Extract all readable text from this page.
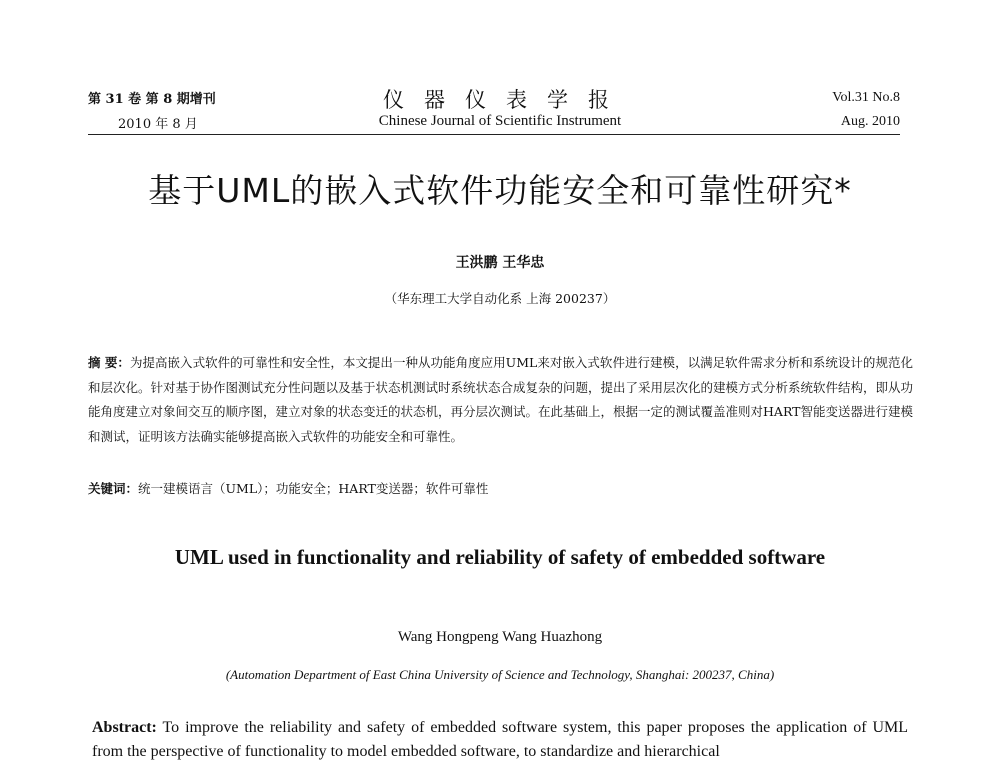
第 31 卷 第 8 期增刊
2010 年 8 月
仪器仪表学报
Chinese Journal of Scientific Instrument
Vol.31 No.8
Aug. 2010
基于UML的嵌入式软件功能安全和可靠性研究*
王洪鹏 王华忠
（华东理工大学自动化系 上海 200237）
摘 要：为提高嵌入式软件的可靠性和安全性，本文提出一种从功能角度应用UML来对嵌入式软件进行建模，以满足软件需求分析和系统设计的规范化和层次化。针对基于协作图测试充分性问题以及基于状态机测试时系统状态合成复杂的问题，提出了采用层次化的建模方式分析系统软件结构，即从功能角度建立对象间交互的顺序图，建立对象的状态变迁的状态机，再分层次测试。在此基础上，根据一定的测试覆盖准则对HART智能变送器进行建模和测试，证明该方法确实能够提高嵌入式软件的功能安全和可靠性。
关键词：统一建模语言（UML）；功能安全；HART变送器；软件可靠性
UML used in functionality and reliability of safety of embedded software
Wang Hongpeng Wang Huazhong
(Automation Department of East China University of Science and Technology, Shanghai: 200237, China)
Abstract: To improve the reliability and safety of embedded software system, this paper proposes the application of UML from the perspective of functionality to model embedded software, to standardize and hierarchical
